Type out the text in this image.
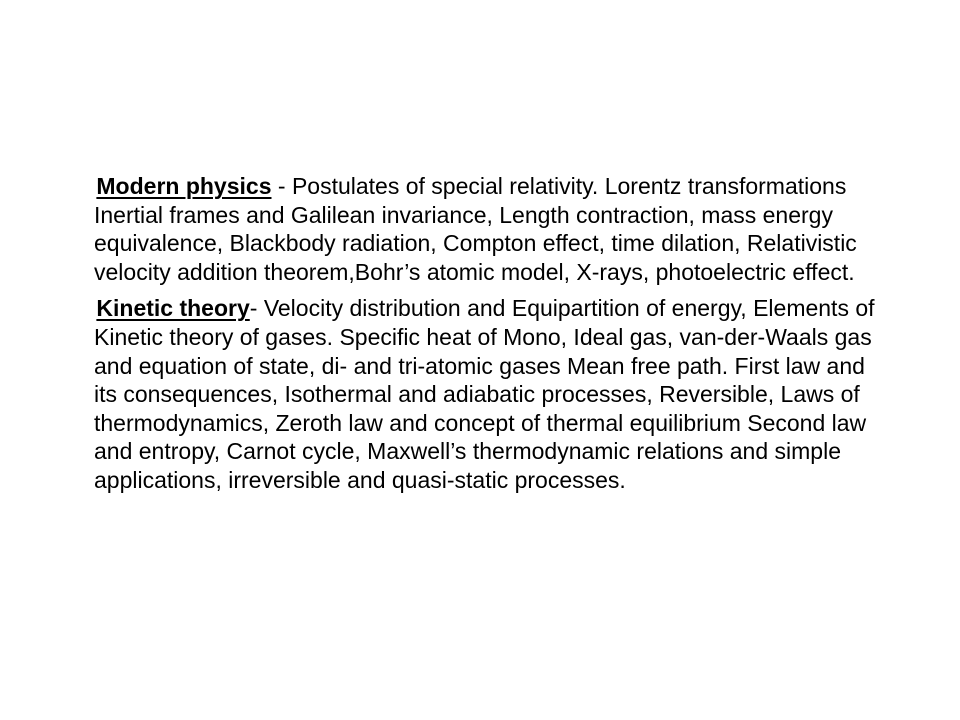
Modern physics - Postulates of special relativity. Lorentz transformations Inertial frames and Galilean invariance, Length contraction, mass energy equivalence, Blackbody radiation, Compton effect, time dilation, Relativistic velocity addition theorem,Bohr’s atomic model, X-rays, photoelectric effect.

Kinetic theory- Velocity distribution and Equipartition of energy, Elements of Kinetic theory of gases. Specific heat of Mono, Ideal gas, van-der-Waals gas and equation of state, di- and tri-atomic gases Mean free path. First law and its consequences, Isothermal and adiabatic processes, Reversible, Laws of thermodynamics, Zeroth law and concept of thermal equilibrium Second law and entropy, Carnot cycle, Maxwell’s thermodynamic relations and simple applications, irreversible and quasi-static processes.
